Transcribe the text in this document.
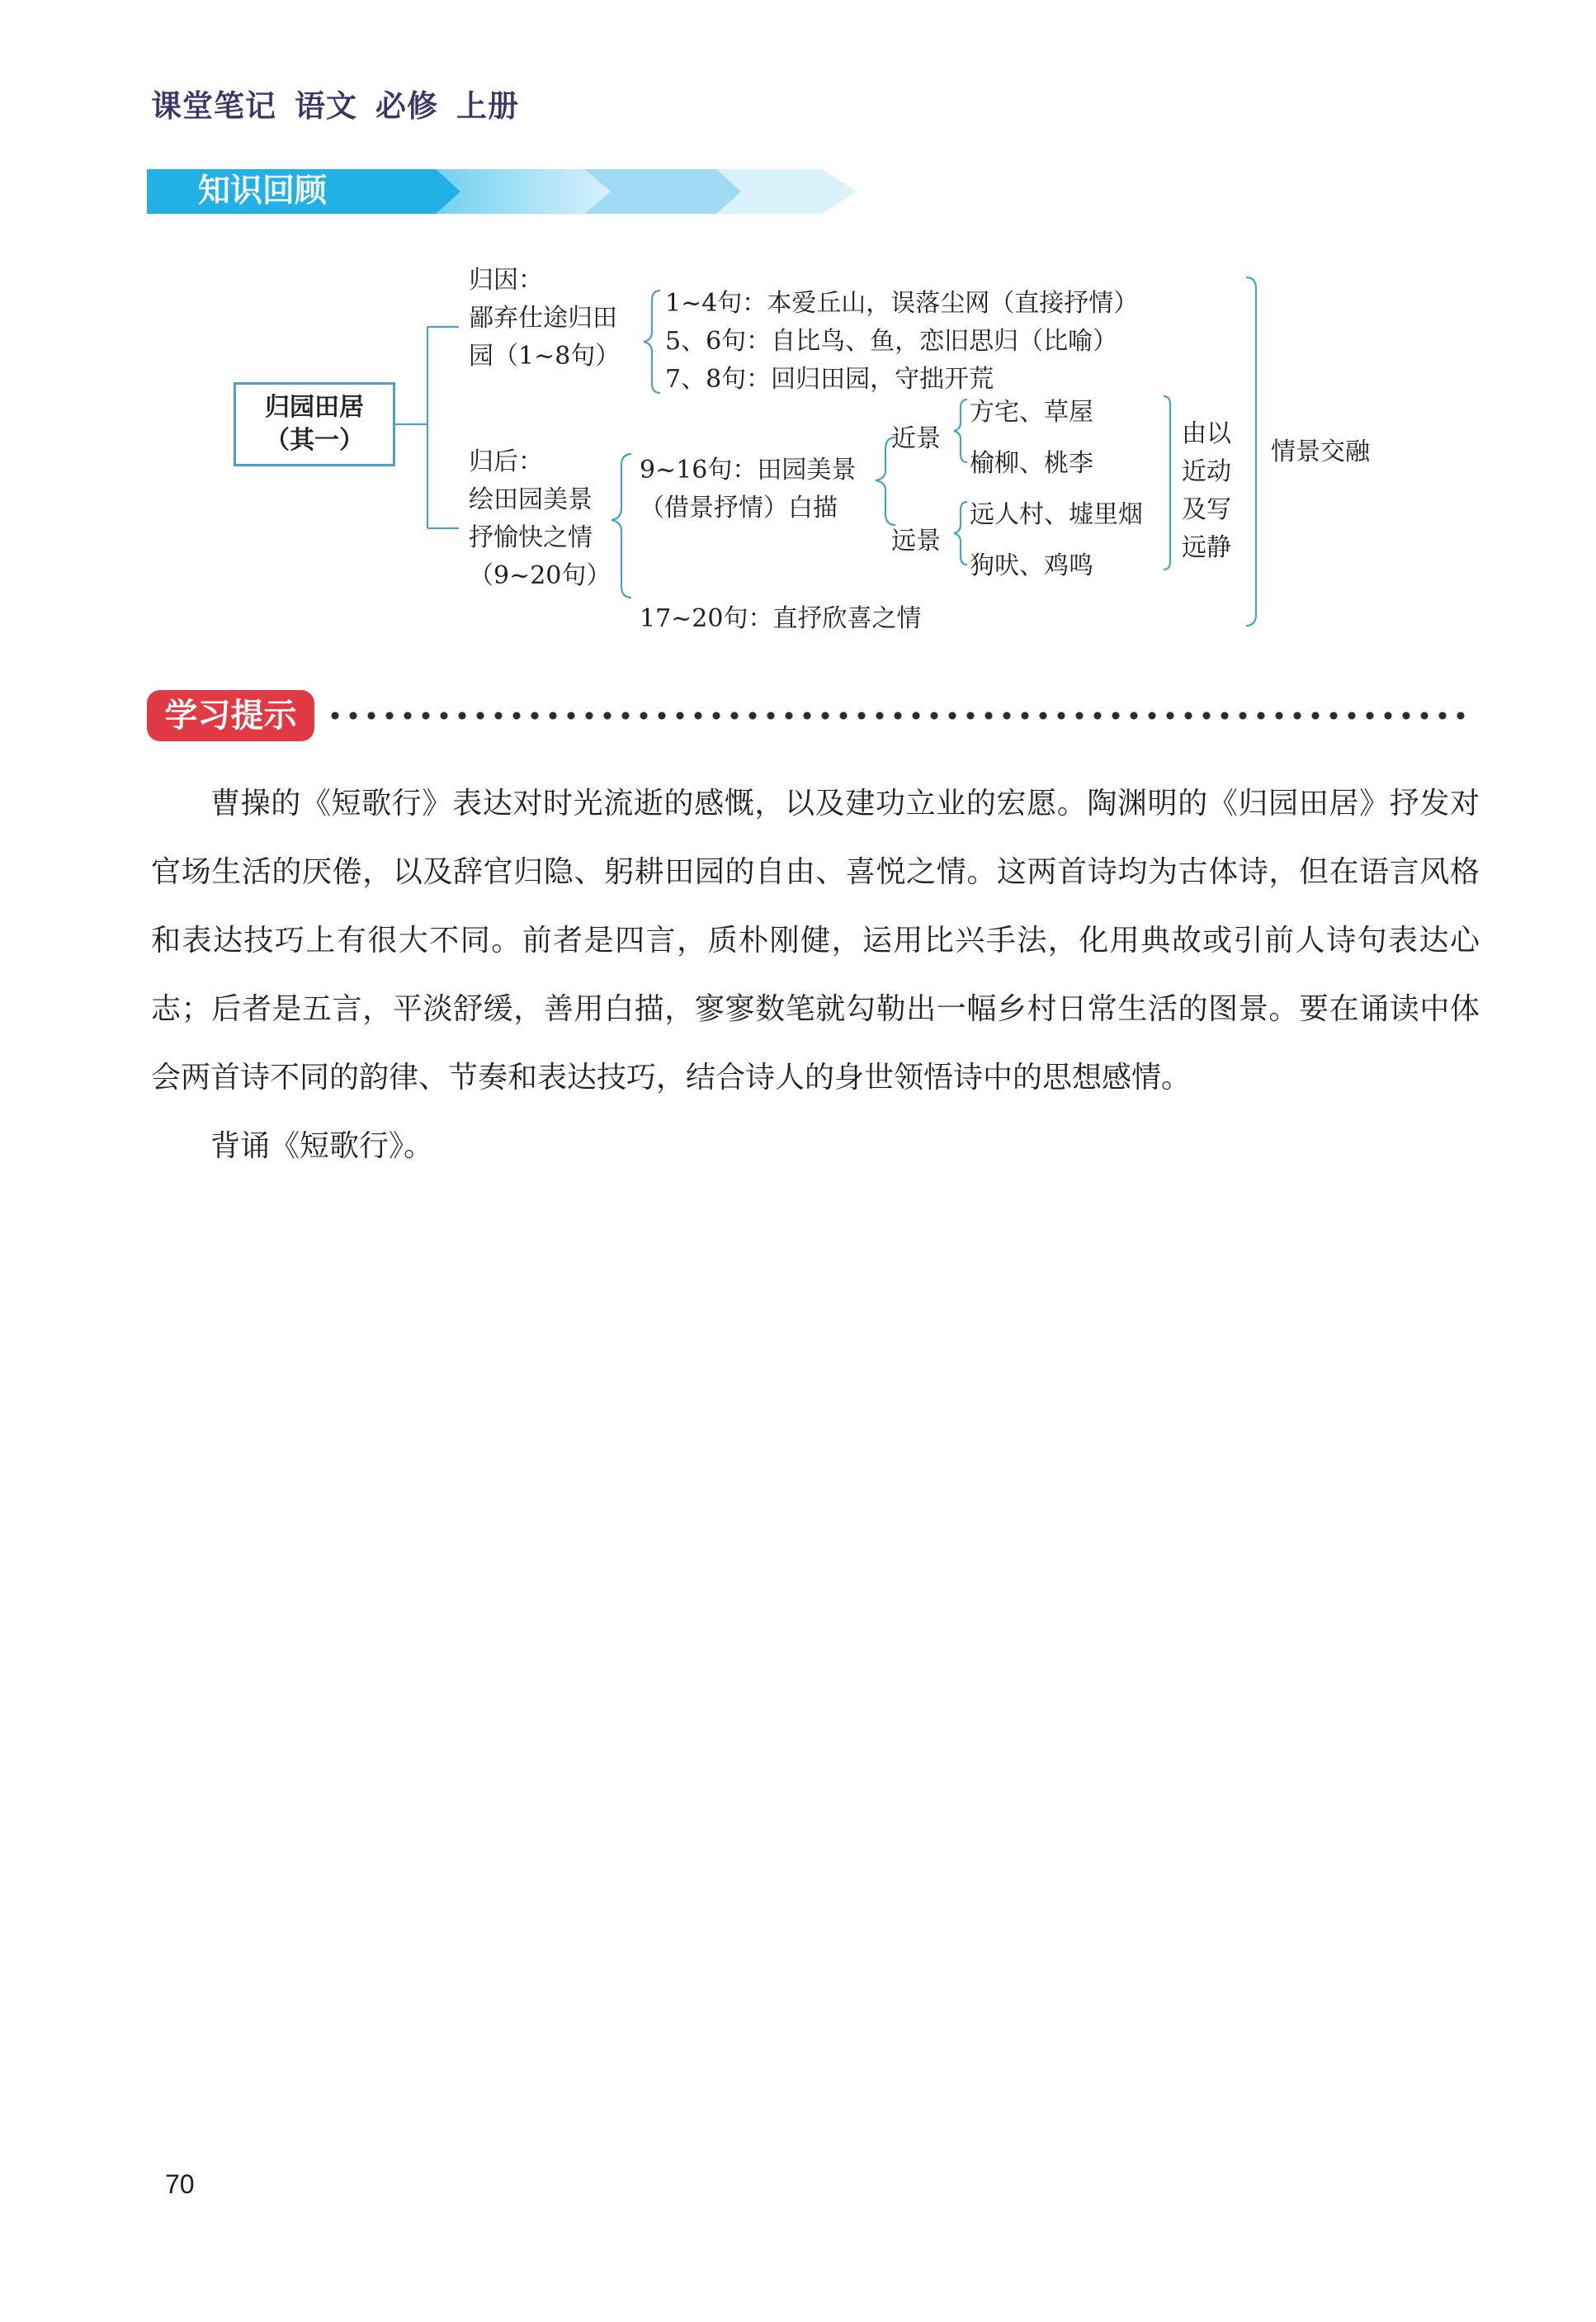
课堂笔记 语文 必修 上册
知识回顾
归园田居
（其一）
归因：
鄙弃仕途归田
园（1~8句）
1~4句：本爱丘山，误落尘网（直接抒情）
5、6句：自比鸟、鱼，恋旧思归（比喻）
7、8句：回归田园，守拙开荒
归后：
绘田园美景
抒愉快之情
（9~20句）
9~16句：田园美景
（借景抒情）白描
近景
方宅、草屋
榆柳、桃李
远景
远人村、墟里烟
狗吠、鸡鸣
由以
近动
及写
远静
情景交融
17~20句：直抒欣喜之情
学习提示

曹操的《短歌行》表达对时光流逝的感慨，以及建功立业的宏愿。陶渊明的《归园田居》抒发对官场生活的厌倦，以及辞官归隐、躬耕田园的自由、喜悦之情。这两首诗均为古体诗，但在语言风格和表达技巧上有很大不同。前者是四言，质朴刚健，运用比兴手法，化用典故或引前人诗句表达心志；后者是五言，平淡舒缓，善用白描，寥寥数笔就勾勒出一幅乡村日常生活的图景。要在诵读中体会两首诗不同的韵律、节奏和表达技巧，结合诗人的身世领悟诗中的思想感情。

背诵《短歌行》。

70
